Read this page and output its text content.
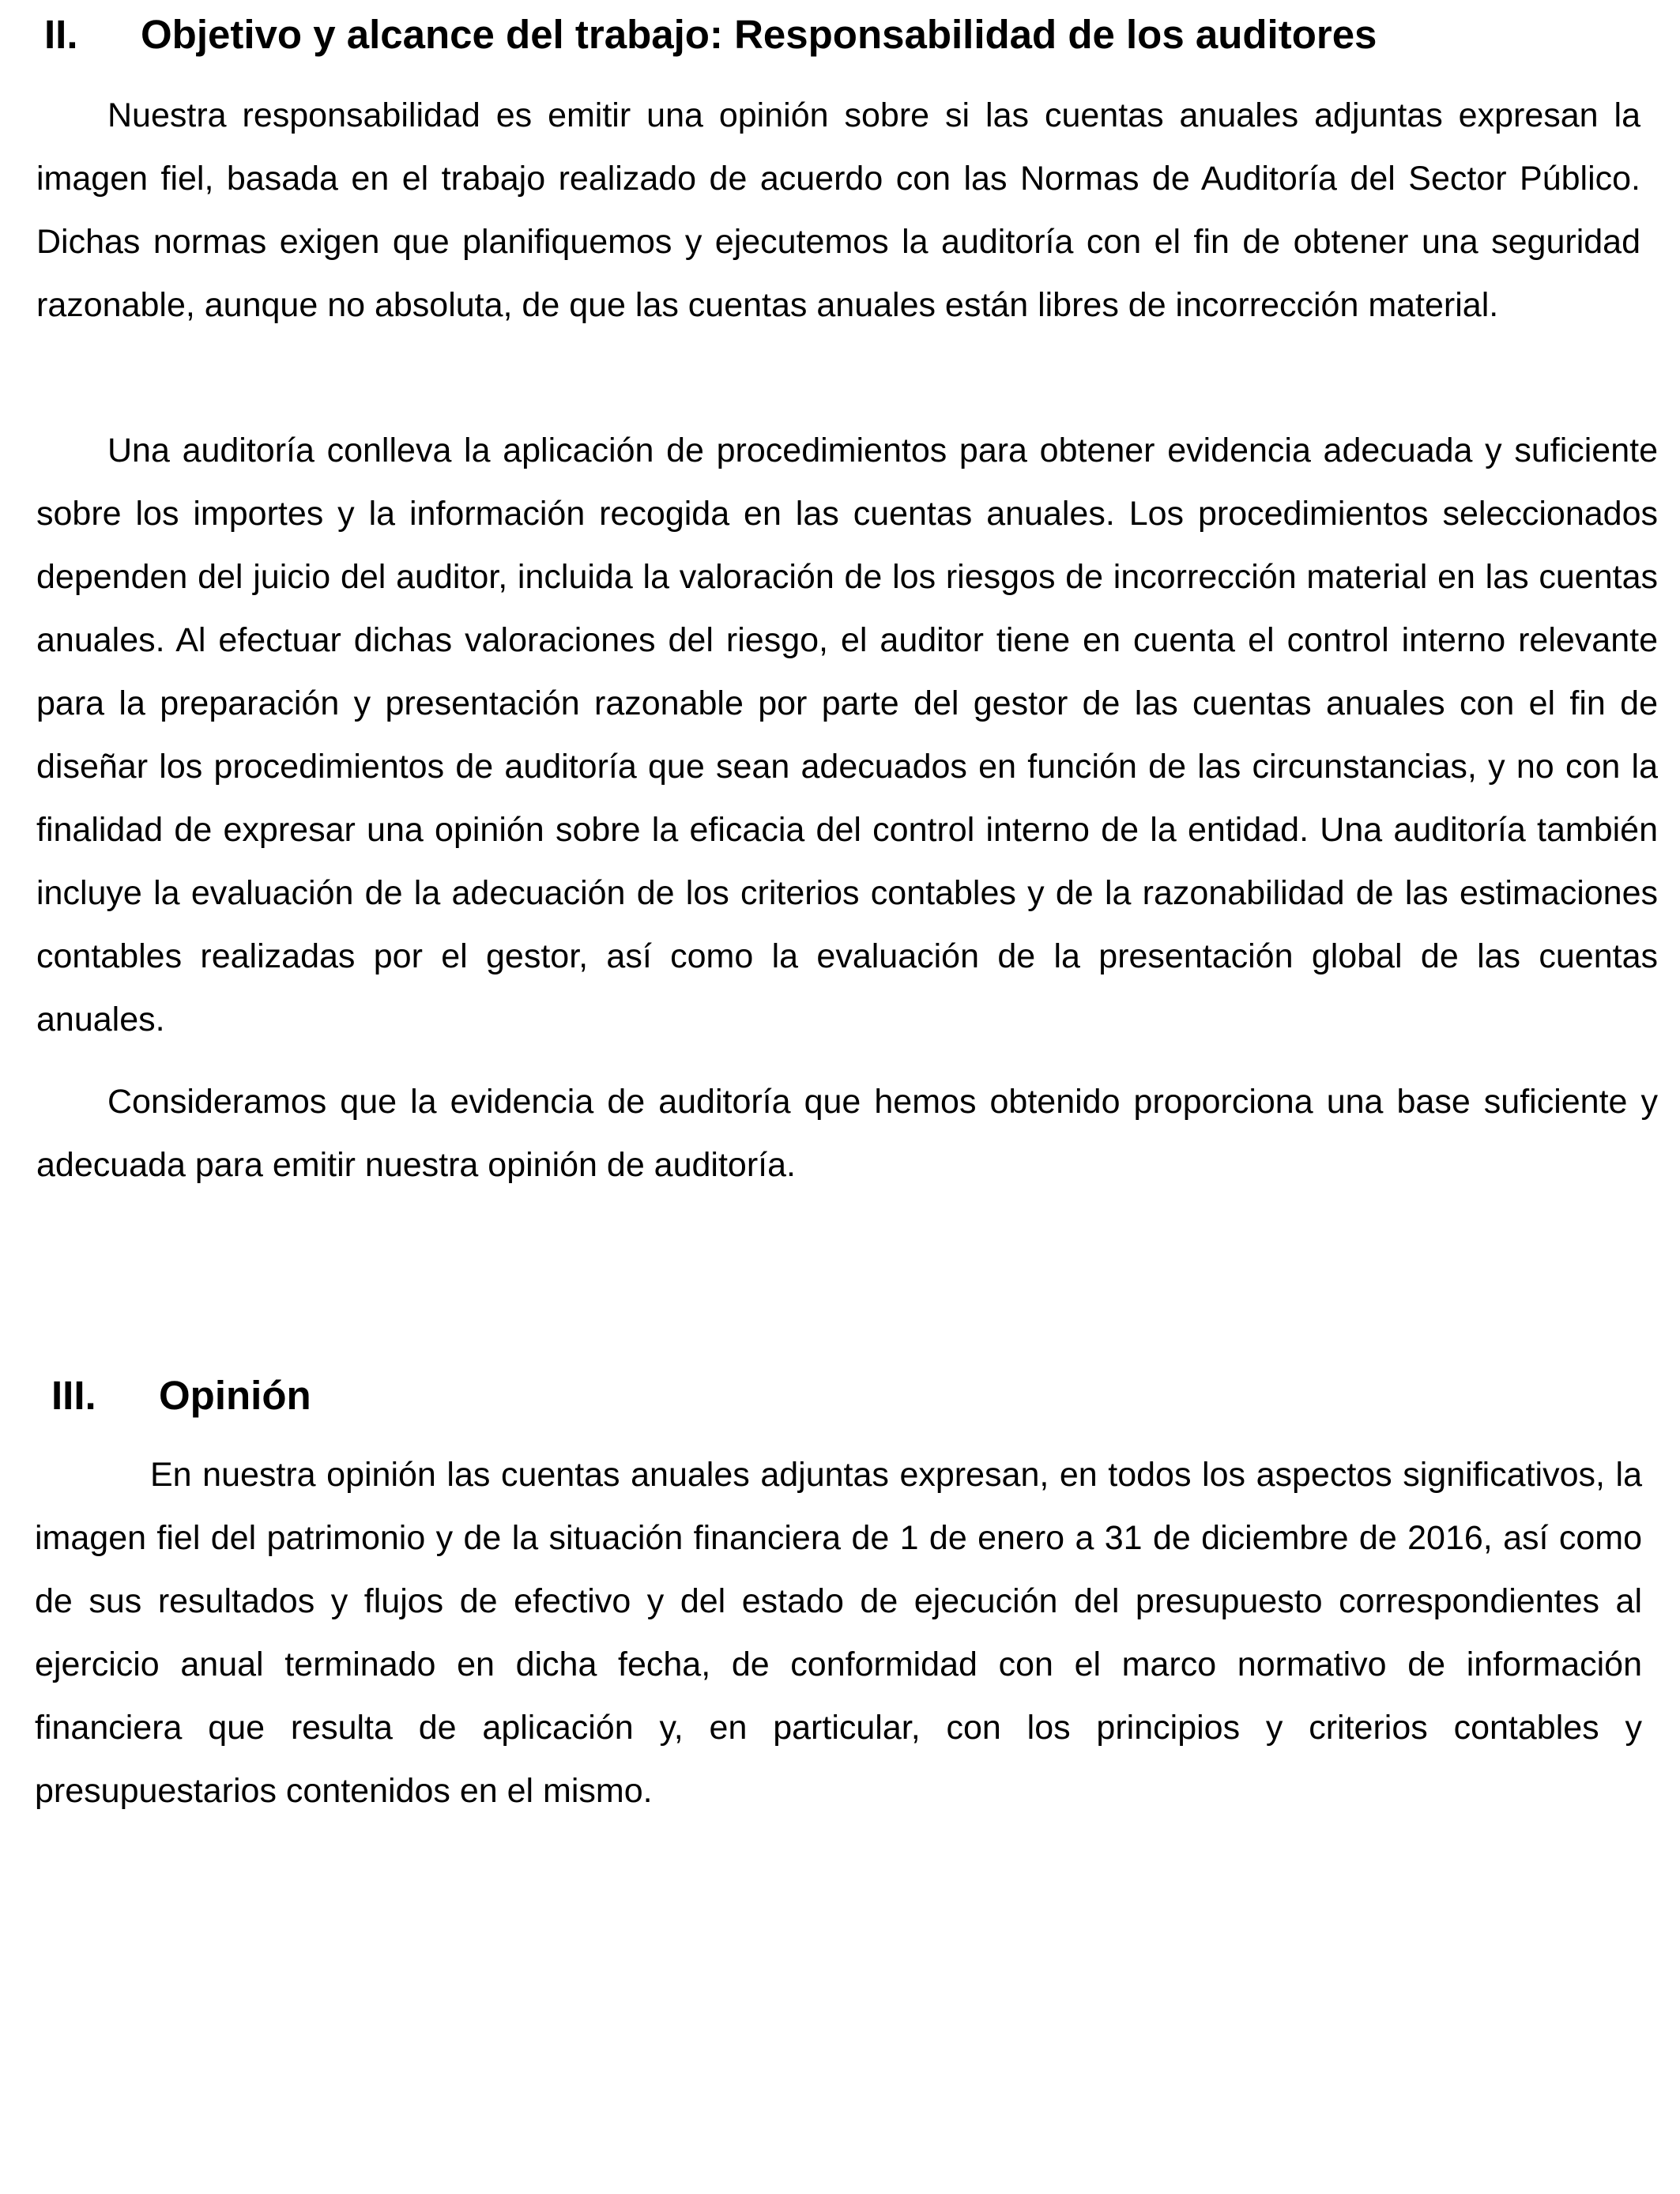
II. Objetivo y alcance del trabajo: Responsabilidad de los auditores

Nuestra responsabilidad es emitir una opinión sobre si las cuentas anuales adjuntas expresan la imagen fiel, basada en el trabajo realizado de acuerdo con las Normas de Auditoría del Sector Público. Dichas normas exigen que planifiquemos y ejecutemos la auditoría con el fin de obtener una seguridad razonable, aunque no absoluta, de que las cuentas anuales están libres de incorrección material.

Una auditoría conlleva la aplicación de procedimientos para obtener evidencia adecuada y suficiente sobre los importes y la información recogida en las cuentas anuales. Los procedimientos seleccionados dependen del juicio del auditor, incluida la valoración de los riesgos de incorrección material en las cuentas anuales. Al efectuar dichas valoraciones del riesgo, el auditor tiene en cuenta el control interno relevante para la preparación y presentación razonable por parte del gestor de las cuentas anuales con el fin de diseñar los procedimientos de auditoría que sean adecuados en función de las circunstancias, y no con la finalidad de expresar una opinión sobre la eficacia del control interno de la entidad. Una auditoría también incluye la evaluación de la adecuación de los criterios contables y de la razonabilidad de las estimaciones contables realizadas por el gestor, así como la evaluación de la presentación global de las cuentas anuales.

Consideramos que la evidencia de auditoría que hemos obtenido proporciona una base suficiente y adecuada para emitir nuestra opinión de auditoría.

III. Opinión

En nuestra opinión las cuentas anuales adjuntas expresan, en todos los aspectos significativos, la imagen fiel del patrimonio y de la situación financiera de 1 de enero a 31 de diciembre de 2016, así como de sus resultados y flujos de efectivo y del estado de ejecución del presupuesto correspondientes al ejercicio anual terminado en dicha fecha, de conformidad con el marco normativo de información financiera que resulta de aplicación y, en particular, con los principios y criterios contables y presupuestarios contenidos en el mismo.
